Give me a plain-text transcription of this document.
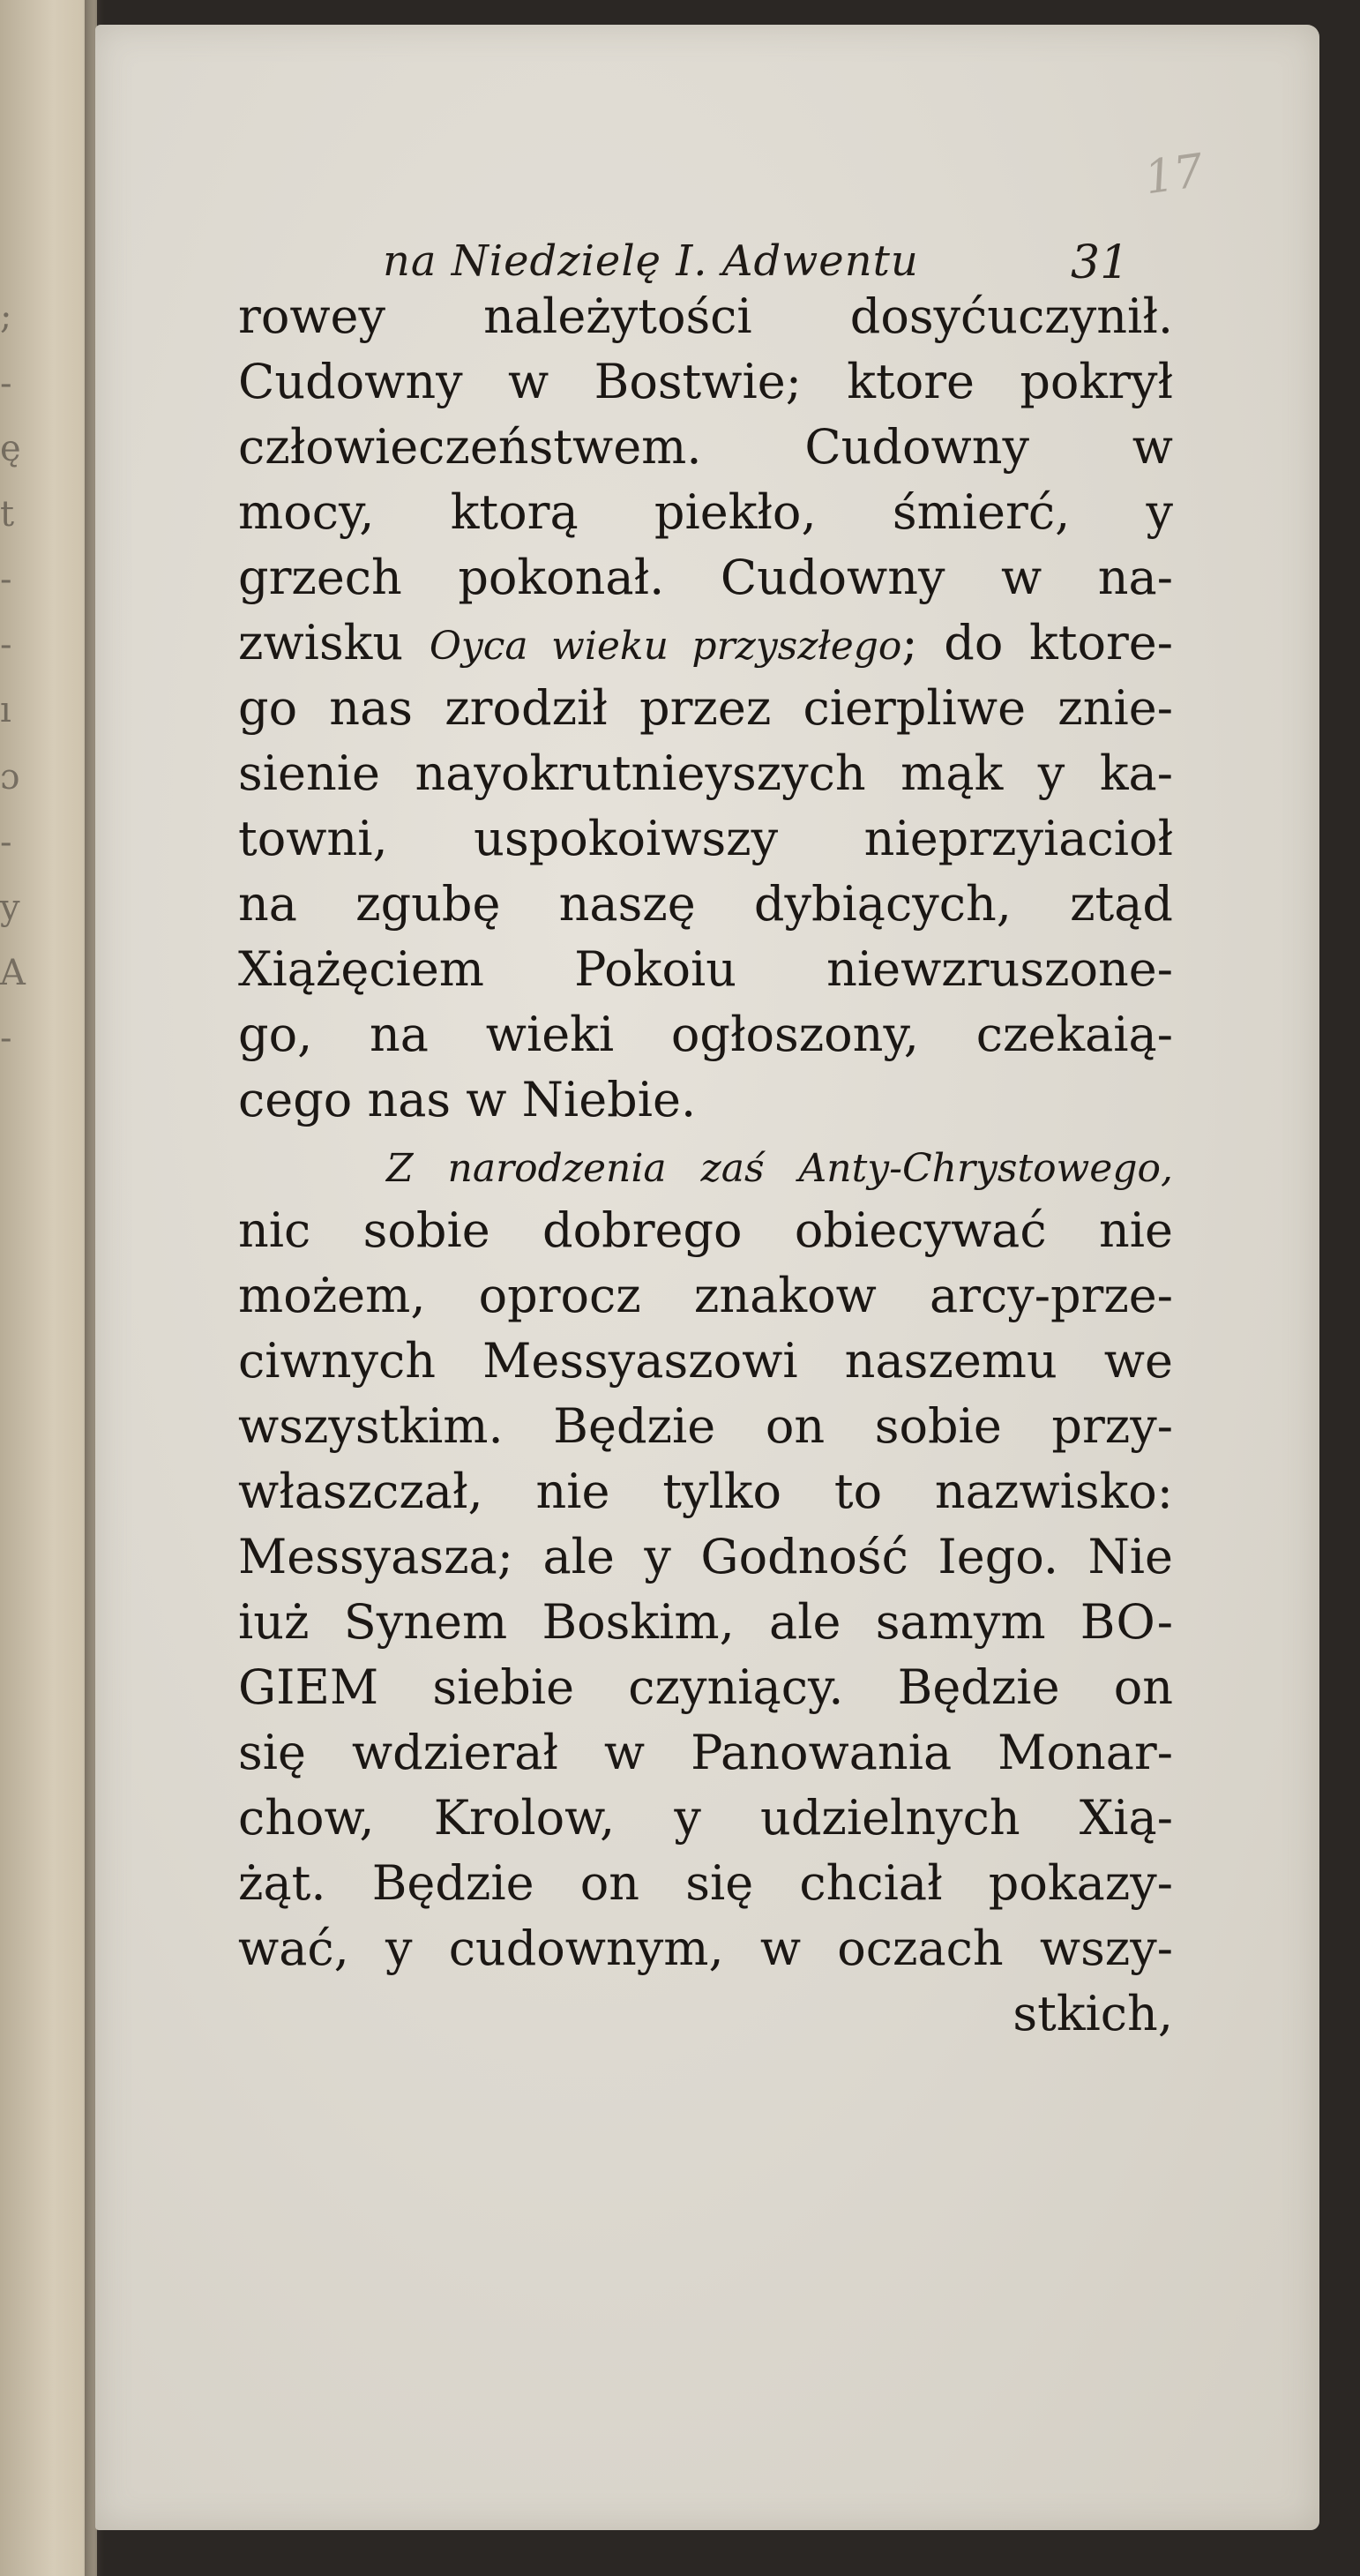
;
-
ę
t
-
-
ı
ɔ
-
y
A
-
17
na Niedzielę I. Adwentu	31
rowey należytości dosyćuczynił.
Cudowny w Bostwie; ktore pokrył
człowieczeństwem. Cudowny w
mocy, ktorą piekło, śmierć, y
grzech pokonał. Cudowny w na-
zwisku Oyca wieku przyszłego; do ktore-
go nas zrodził przez cierpliwe znie-
sienie nayokrutnieyszych mąk y ka-
towni, uspokoiwszy nieprzyiacioł
na zgubę naszę dybiących, ztąd
Xiążęciem Pokoiu niewzruszone-
go, na wieki ogłoszony, czekaią-
cego nas w Niebie.
Z narodzenia zaś Anty-Chrystowego,
nic sobie dobrego obiecywać nie
możem, oprocz znakow arcy-prze-
ciwnych Messyaszowi naszemu we
wszystkim. Będzie on sobie przy-
właszczał, nie tylko to nazwisko:
Messyasza; ale y Godność Iego. Nie
iuż Synem Boskim, ale samym BO-
GIEM siebie czyniący. Będzie on
się wdzierał w Panowania Monar-
chow, Krolow, y udzielnych Xią-
żąt. Będzie on się chciał pokazy-
wać, y cudownym, w oczach wszy-
stkich,
